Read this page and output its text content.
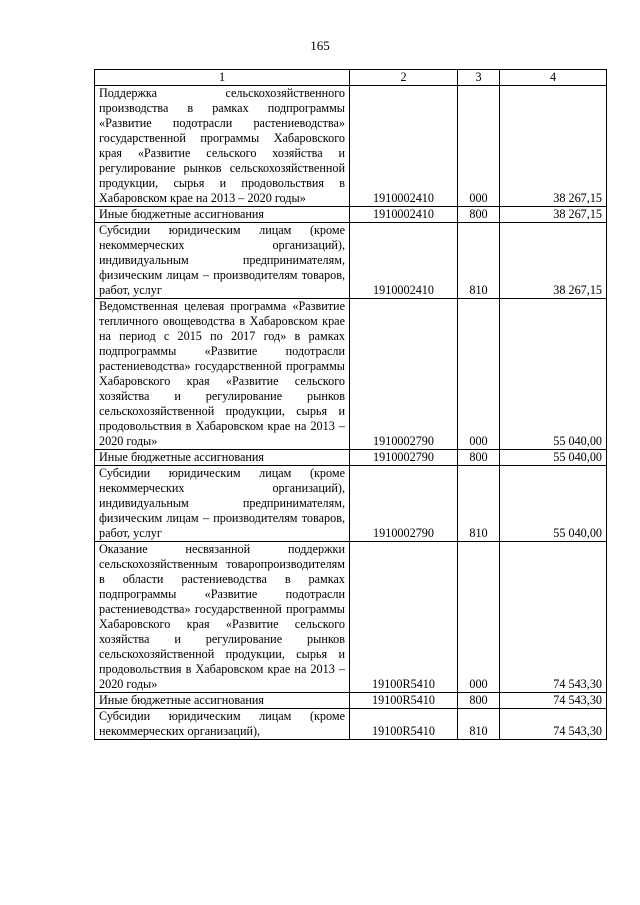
165
1	2	3	4
Поддержка сельскохозяйственного производства в рамках подпрограммы «Развитие подотрасли растениеводства» государственной программы Хабаровского края «Развитие сельского хозяйства и регулирование рынков сельскохозяйственной продукции, сырья и продовольствия в Хабаровском крае на 2013 – 2020 годы»	1910002410	000	38 267,15
Иные бюджетные ассигнования	1910002410	800	38 267,15
Субсидии юридическим лицам (кроме некоммерческих организаций), индивидуальным предпринимателям, физическим лицам – производителям товаров, работ, услуг	1910002410	810	38 267,15
Ведомственная целевая программа «Развитие тепличного овощеводства в Хабаровском крае на период с 2015 по 2017 год» в рамках подпрограммы «Развитие подотрасли растениеводства» государственной программы Хабаровского края «Развитие сельского хозяйства и регулирование рынков сельскохозяйственной продукции, сырья и продовольствия в Хабаровском крае на 2013 – 2020 годы»	1910002790	000	55 040,00
Иные бюджетные ассигнования	1910002790	800	55 040,00
Субсидии юридическим лицам (кроме некоммерческих организаций), индивидуальным предпринимателям, физическим лицам – производителям товаров, работ, услуг	1910002790	810	55 040,00
Оказание несвязанной поддержки сельскохозяйственным товаропроизводителям в области растениеводства в рамках подпрограммы «Развитие подотрасли растениеводства» государственной программы Хабаровского края «Развитие сельского хозяйства и регулирование рынков сельскохозяйственной продукции, сырья и продовольствия в Хабаровском крае на 2013 – 2020 годы»	19100R5410	000	74 543,30
Иные бюджетные ассигнования	19100R5410	800	74 543,30
Субсидии юридическим лицам (кроме некоммерческих организаций),	19100R5410	810	74 543,30
